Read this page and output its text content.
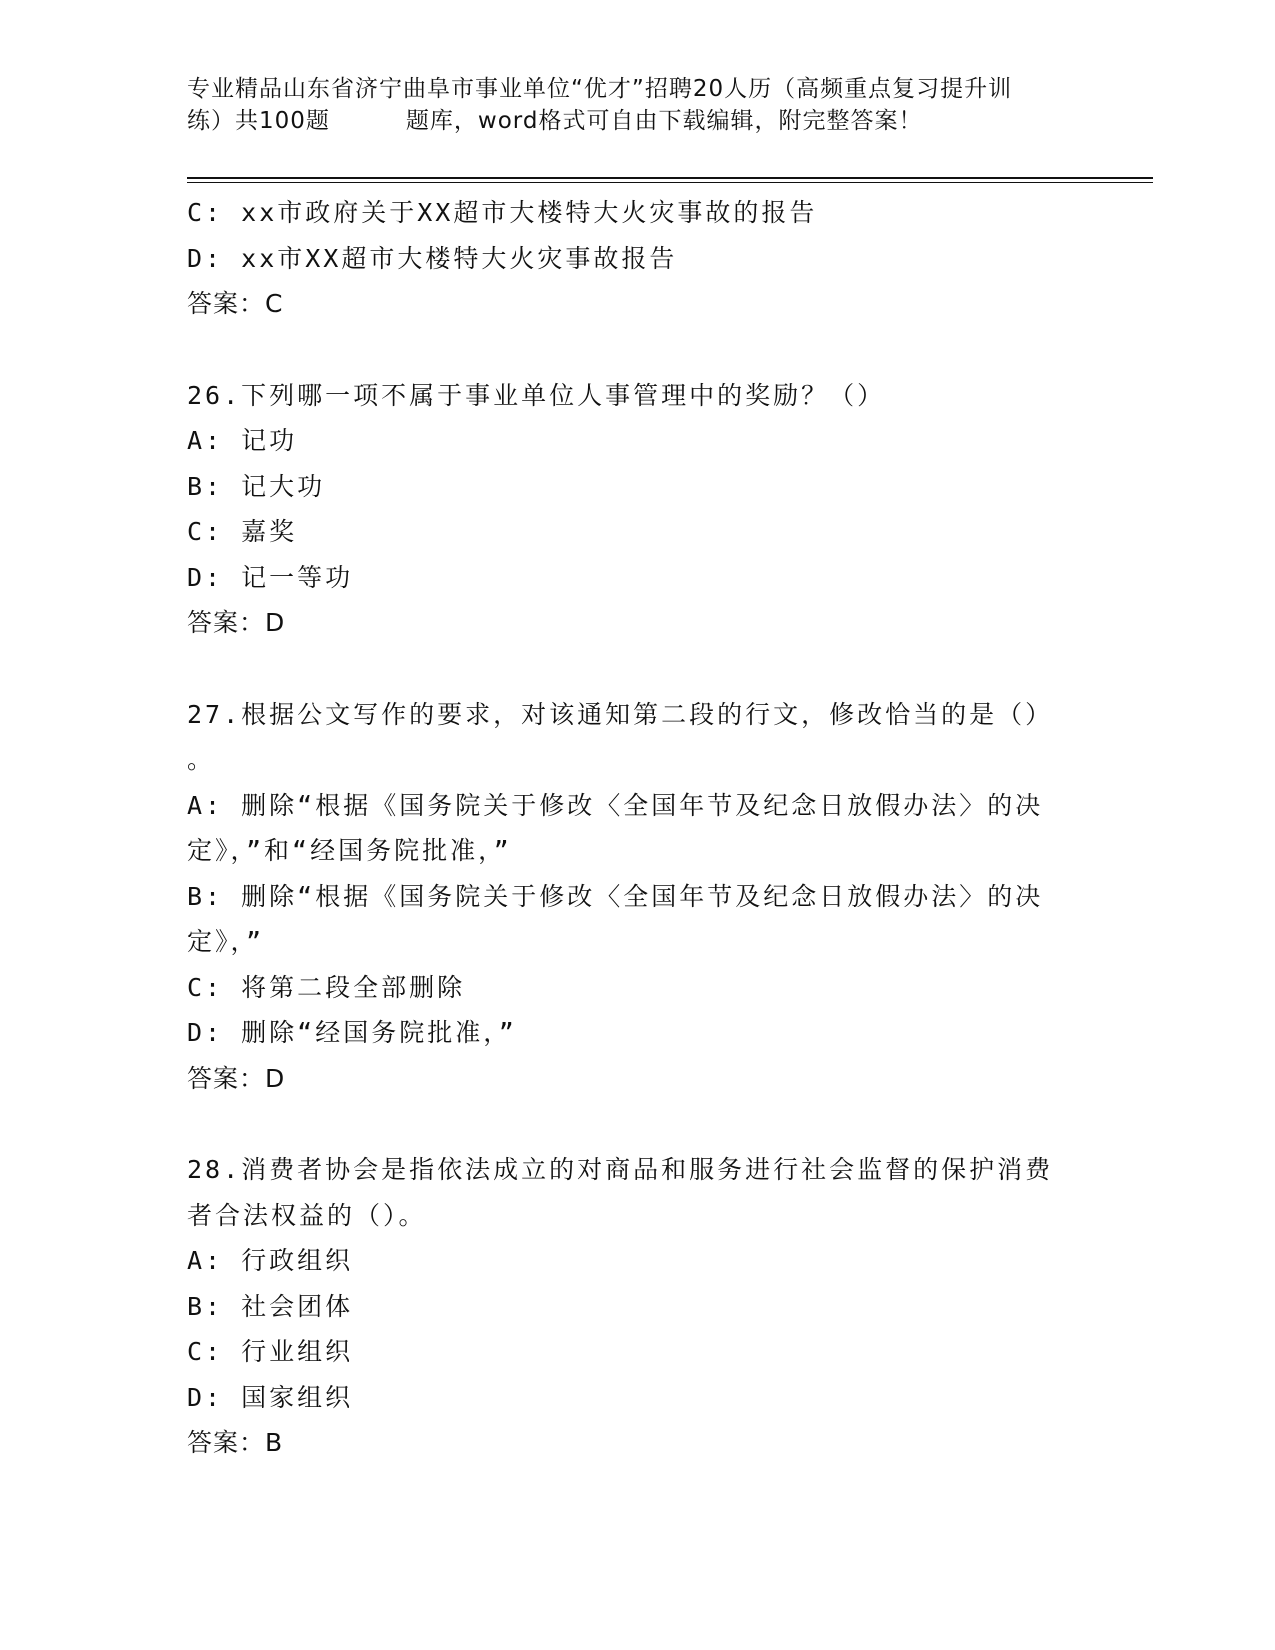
专业精品山东省济宁曲阜市事业单位“优才”招聘20人历（高频重点复习提升训
练）共100题	题库，word格式可自由下载编辑，附完整答案！
C: xx市政府关于XX超市大楼特大火灾事故的报告
D: xx市XX超市大楼特大火灾事故报告
答案：C
26.下列哪一项不属于事业单位人事管理中的奖励？（）
A: 记功
B: 记大功
C: 嘉奖
D: 记一等功
答案：D
27.根据公文写作的要求，对该通知第二段的行文，修改恰当的是（）
。
A: 删除“根据《国务院关于修改〈全国年节及纪念日放假办法〉的决
定》，”和“经国务院批准，”
B: 删除“根据《国务院关于修改〈全国年节及纪念日放假办法〉的决
定》，”
C: 将第二段全部删除
D: 删除“经国务院批准，”
答案：D
28.消费者协会是指依法成立的对商品和服务进行社会监督的保护消费
者合法权益的（）。
A: 行政组织
B: 社会团体
C: 行业组织
D: 国家组织
答案：B
